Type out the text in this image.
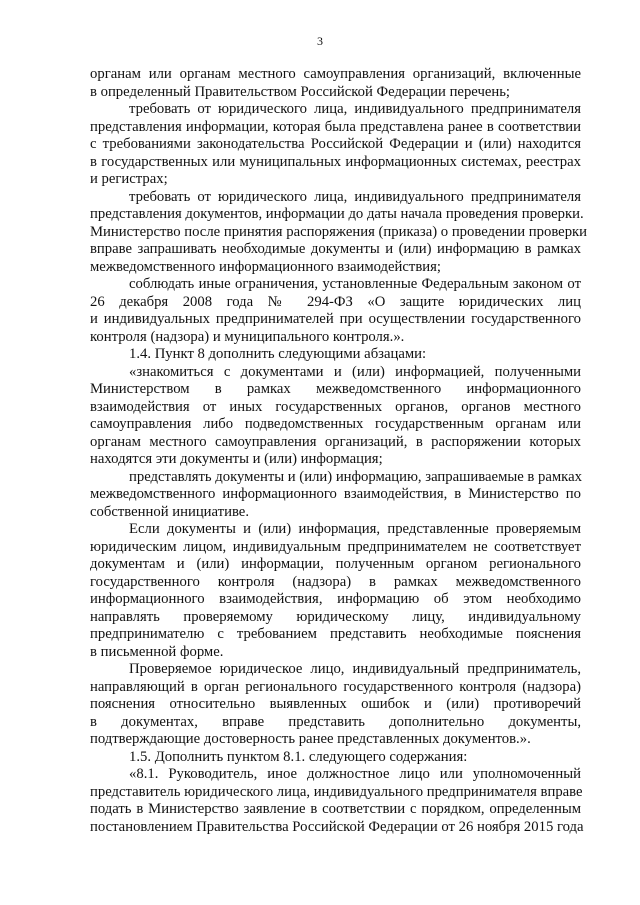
3

органам или органам местного самоуправления организаций, включенные
в определенный Правительством Российской Федерации перечень;

требовать от юридического лица, индивидуального предпринимателя
представления информации, которая была представлена ранее в соответствии
с требованиями законодательства Российской Федерации и (или) находится
в государственных или муниципальных информационных системах, реестрах
и регистрах;

требовать от юридического лица, индивидуального предпринимателя
представления документов, информации до даты начала проведения проверки.
Министерство после принятия распоряжения (приказа) о проведении проверки
вправе запрашивать необходимые документы и (или) информацию в рамках
межведомственного информационного взаимодействия;

соблюдать иные ограничения, установленные Федеральным законом от
26 декабря 2008 года № 294-ФЗ «О защите юридических лиц
и индивидуальных предпринимателей при осуществлении государственного
контроля (надзора) и муниципального контроля.».

1.4. Пункт 8 дополнить следующими абзацами:

«знакомиться с документами и (или) информацией, полученными
Министерством в рамках межведомственного информационного
взаимодействия от иных государственных органов, органов местного
самоуправления либо подведомственных государственным органам или
органам местного самоуправления организаций, в распоряжении которых
находятся эти документы и (или) информация;

представлять документы и (или) информацию, запрашиваемые в рамках
межведомственного информационного взаимодействия, в Министерство по
собственной инициативе.

Если документы и (или) информация, представленные проверяемым
юридическим лицом, индивидуальным предпринимателем не соответствует
документам и (или) информации, полученным органом регионального
государственного контроля (надзора) в рамках межведомственного
информационного взаимодействия, информацию об этом необходимо
направлять проверяемому юридическому лицу, индивидуальному
предпринимателю с требованием представить необходимые пояснения
в письменной форме.

Проверяемое юридическое лицо, индивидуальный предприниматель,
направляющий в орган регионального государственного контроля (надзора)
пояснения относительно выявленных ошибок и (или) противоречий
в документах, вправе представить дополнительно документы,
подтверждающие достоверность ранее представленных документов.».

1.5. Дополнить пунктом 8.1. следующего содержания:

«8.1. Руководитель, иное должностное лицо или уполномоченный
представитель юридического лица, индивидуального предпринимателя вправе
подать в Министерство заявление в соответствии с порядком, определенным
постановлением Правительства Российской Федерации от 26 ноября 2015 года
